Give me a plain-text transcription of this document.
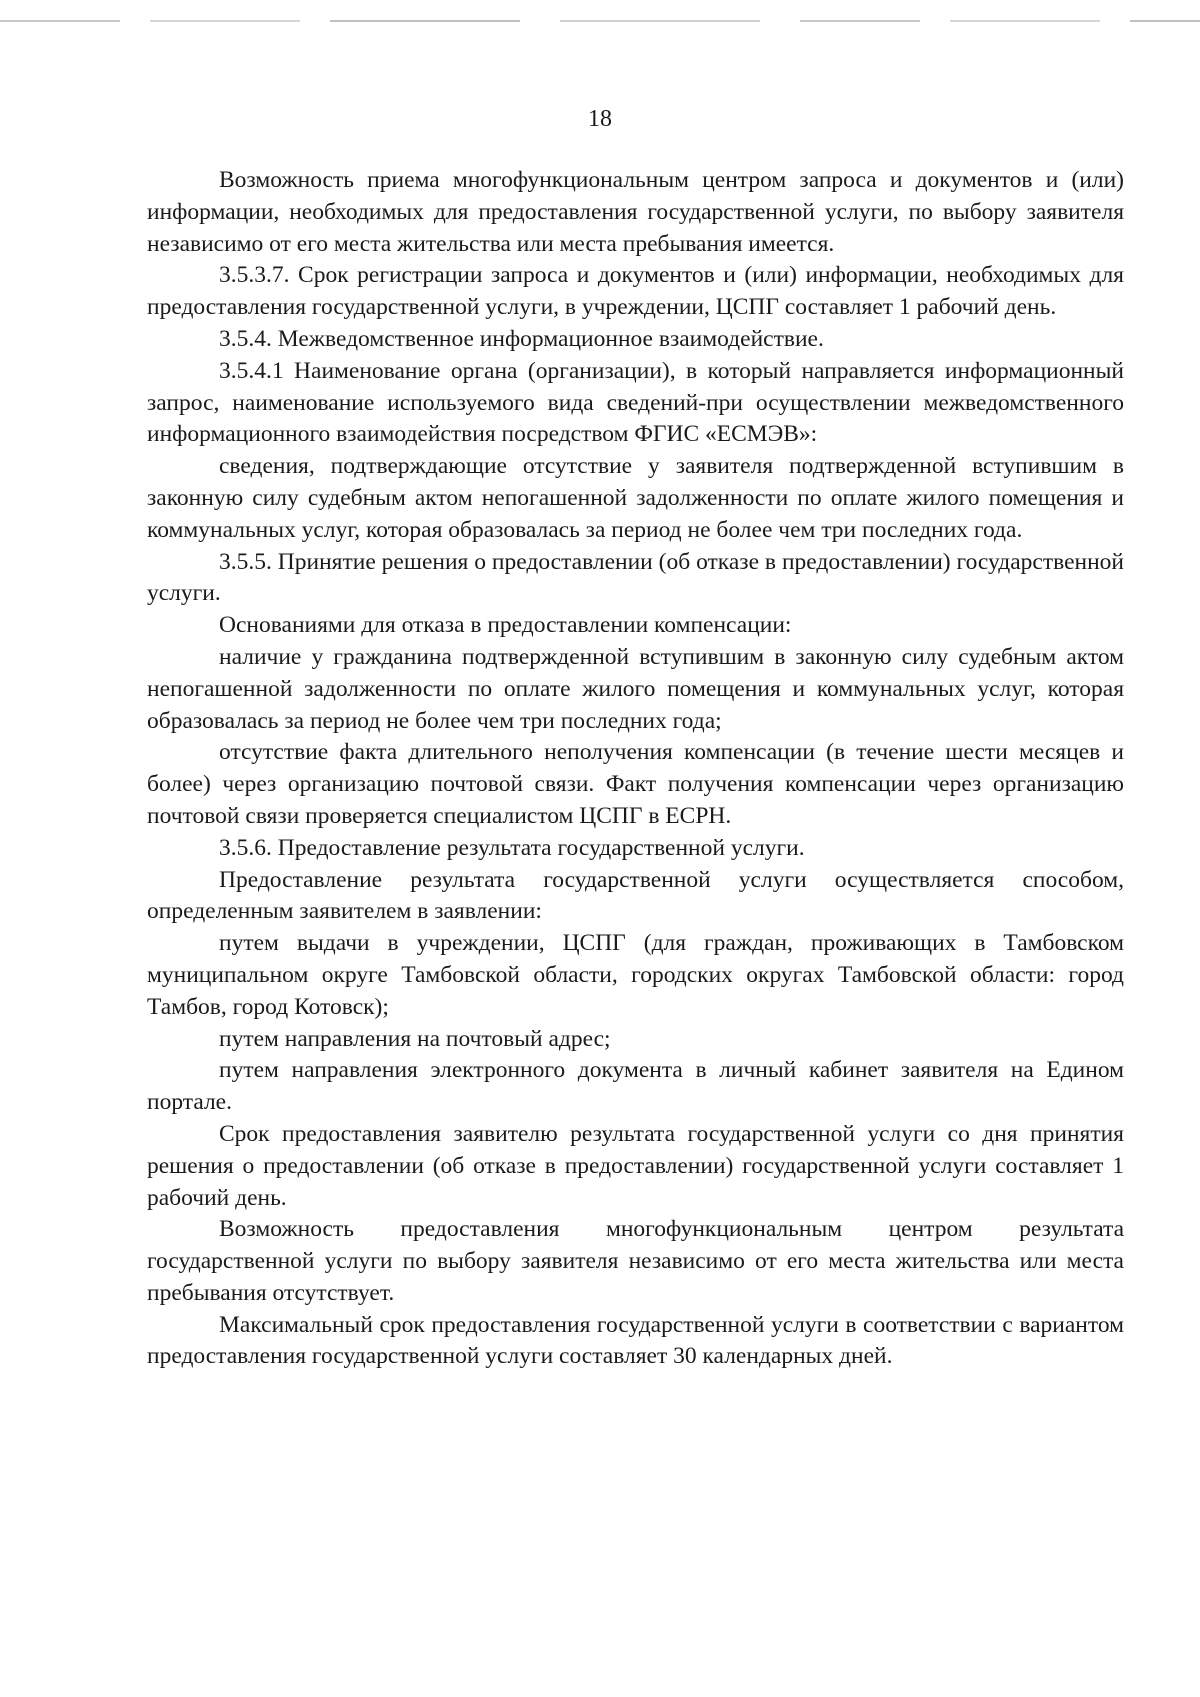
18

Возможность приема многофункциональным центром запроса и документов и (или) информации, необходимых для предоставления государственной услуги, по выбору заявителя независимо от его места жительства или места пребывания имеется.

3.5.3.7. Срок регистрации запроса и документов и (или) информации, необходимых для предоставления государственной услуги, в учреждении, ЦСПГ составляет 1 рабочий день.

3.5.4. Межведомственное информационное взаимодействие.

3.5.4.1 Наименование органа (организации), в который направляется информационный запрос, наименование используемого вида сведений-при осуществлении межведомственного информационного взаимодействия посредством ФГИС «ЕСМЭВ»:

сведения, подтверждающие отсутствие у заявителя подтвержденной вступившим в законную силу судебным актом непогашенной задолженности по оплате жилого помещения и коммунальных услуг, которая образовалась за период не более чем три последних года.

3.5.5. Принятие решения о предоставлении (об отказе в предоставлении) государственной услуги.

Основаниями для отказа в предоставлении компенсации:

наличие у гражданина подтвержденной вступившим в законную силу судебным актом непогашенной задолженности по оплате жилого помещения и коммунальных услуг, которая образовалась за период не более чем три последних года;

отсутствие факта длительного неполучения компенсации (в течение шести месяцев и более) через организацию почтовой связи. Факт получения компенсации через организацию почтовой связи проверяется специалистом ЦСПГ в ЕСРН.

3.5.6. Предоставление результата государственной услуги.

Предоставление результата государственной услуги осуществляется способом, определенным заявителем в заявлении:

путем выдачи в учреждении, ЦСПГ (для граждан, проживающих в Тамбовском муниципальном округе Тамбовской области, городских округах Тамбовской области: город Тамбов, город Котовск);

путем направления на почтовый адрес;

путем направления электронного документа в личный кабинет заявителя на Едином портале.

Срок предоставления заявителю результата государственной услуги со дня принятия решения о предоставлении (об отказе в предоставлении) государственной услуги составляет 1 рабочий день.

Возможность предоставления многофункциональным центром результата государственной услуги по выбору заявителя независимо от его места жительства или места пребывания отсутствует.

Максимальный срок предоставления государственной услуги в соответствии с вариантом предоставления государственной услуги составляет 30 календарных дней.
